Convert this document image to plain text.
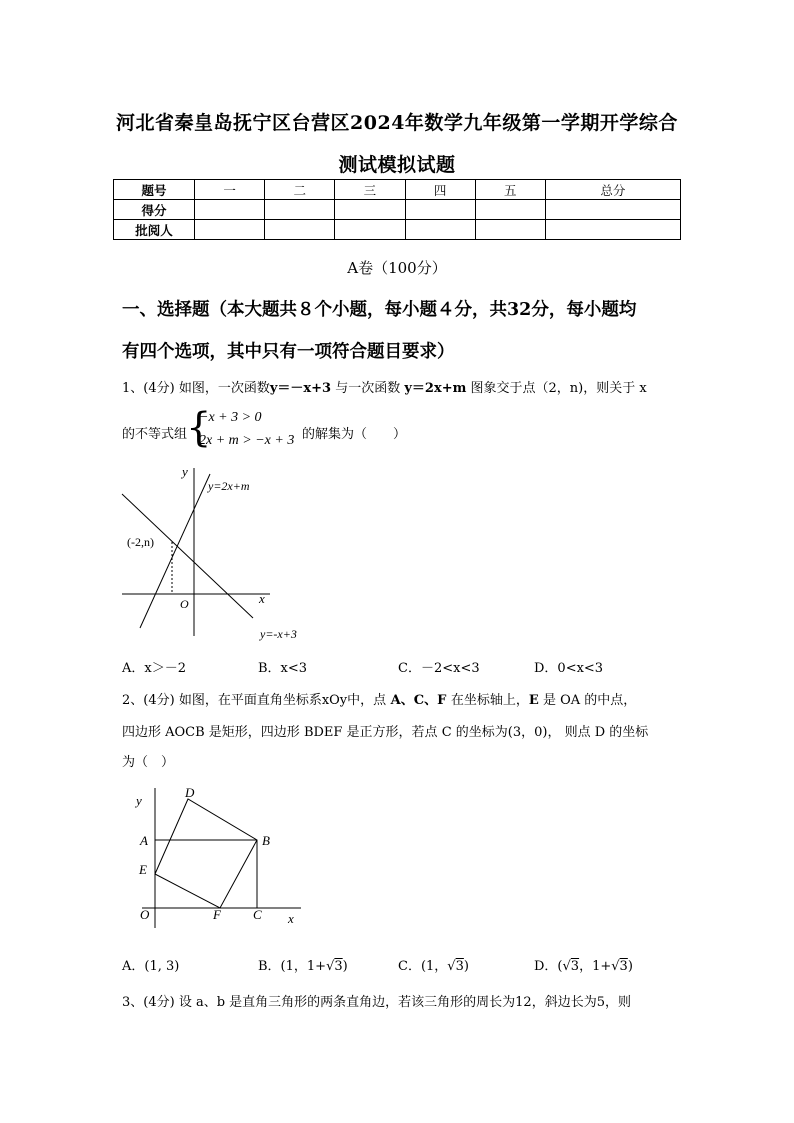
河北省秦皇岛抚宁区台营区2024年数学九年级第一学期开学综合
测试模拟试题
题号	一	二	三	四	五	总分
得分						
批阅人						
A卷（100分）
一、选择题（本大题共８个小题，每小题４分，共32分，每小题均
有四个选项，其中只有一项符合题目要求）
1、(4分) 如图，一次函数y＝－x+3 与一次函数 y＝2x+m 图象交于点（2，n)，则关于 x
的不等式组
{
−x + 3 > 0
2x + m > −x + 3 的解集为（　　）
y
x
O
y=2x+m
y=-x+3
(-2,n)
A．x＞－2	B．x<3	C．－2<x<3	D．0<x<3
2、(4分) 如图，在平面直角坐标系xOy中，点 A、C、F 在坐标轴上，E 是 OA 的中点，
四边形 AOCB 是矩形，四边形 BDEF 是正方形，若点 C 的坐标为(3，0)， 则点 D 的坐标
为（　）
y
x
O
A	B
C
D
E
F
A．(1, 3)	B．(1，1+√3)	C．(1，√3)	D．(√3，1+√3)
3、(4分) 设 a、b 是直角三角形的两条直角边，若该三角形的周长为12，斜边长为5，则
